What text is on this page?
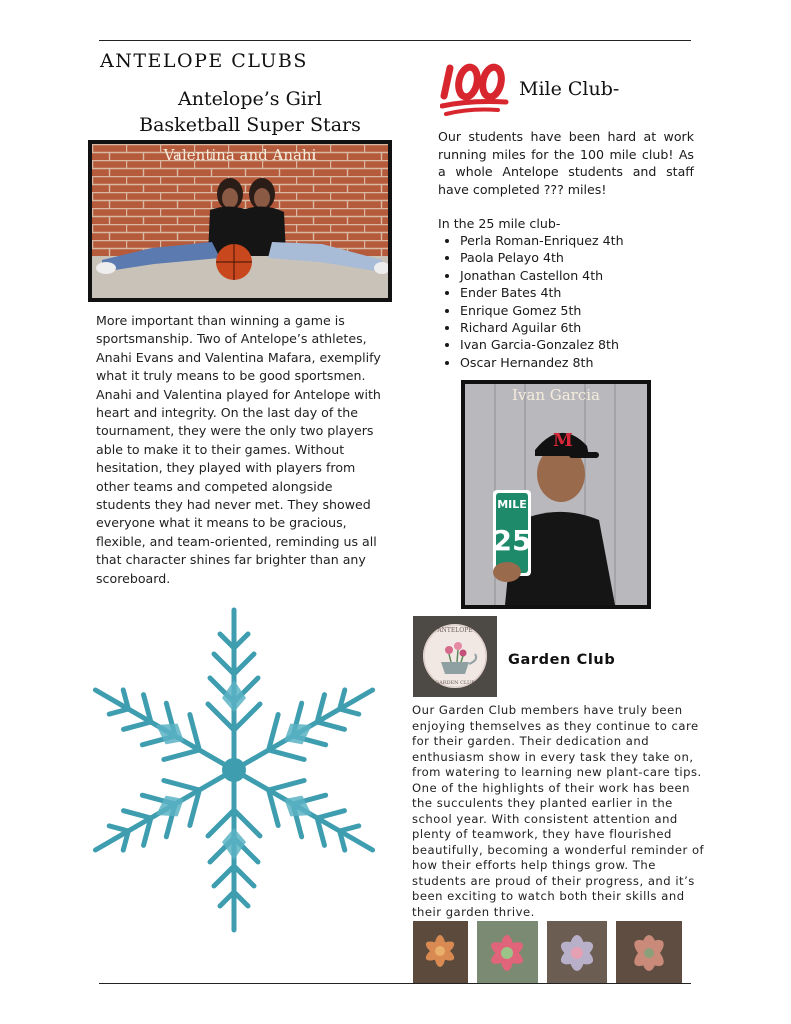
ANTELOPE CLUBS
Antelope’s Girl
Basketball Super Stars
Valentina and Anahi
More important than winning a game is sportsmanship. Two of Antelope’s athletes, Anahi Evans and Valentina Mafara, exemplify what it truly means to be good sportsmen. Anahi and Valentina played for Antelope with heart and integrity. On the last day of the tournament, they were the only two players able to make it to their games. Without hesitation, they played with players from other teams and competed alongside students they had never met. They showed everyone what it means to be gracious, flexible, and team-oriented, reminding us all that character shines far brighter than any scoreboard.
Mile Club-
Our students have been hard at work running miles for the 100 mile club! As a whole Antelope students and staff have completed ??? miles!
In the 25 mile club-
• Perla Roman-Enriquez 4th
• Paola Pelayo 4th
• Jonathan Castellon 4th
• Ender Bates 4th
• Enrique Gomez 5th
• Richard Aguilar 6th
• Ivan Garcia-Gonzalez 8th
• Oscar Hernandez 8th
M
MILE
25
Ivan Garcia
ANTELOPE
GARDEN CLUB
Garden Club
Our Garden Club members have truly been enjoying themselves as they continue to care for their garden. Their dedication and enthusiasm show in every task they take on, from watering to learning new plant-care tips. One of the highlights of their work has been the succulents they planted earlier in the school year. With consistent attention and plenty of teamwork, they have flourished beautifully, becoming a wonderful reminder of how their efforts help things grow. The students are proud of their progress, and it’s been exciting to watch both their skills and their garden thrive.
